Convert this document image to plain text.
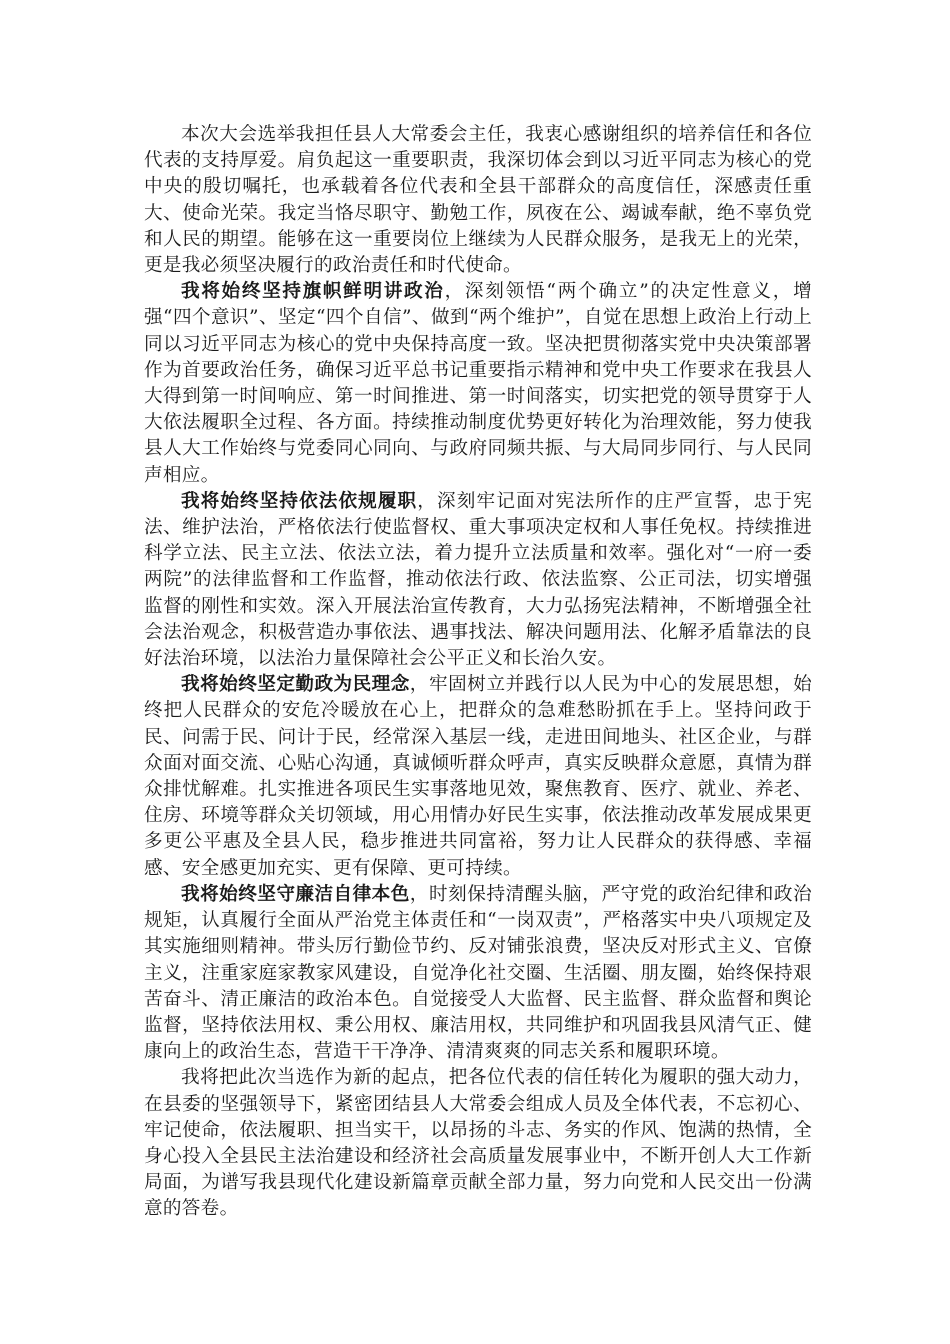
本次大会选举我担任县人大常委会主任，我衷心感谢组织的培养信任和各位代表的支持厚爱。肩负起这一重要职责，我深切体会到以习近平同志为核心的党中央的殷切嘱托，也承载着各位代表和全县干部群众的高度信任，深感责任重大、使命光荣。我定当恪尽职守、勤勉工作，夙夜在公、竭诚奉献，绝不辜负党和人民的期望。能够在这一重要岗位上继续为人民群众服务，是我无上的光荣，更是我必须坚决履行的政治责任和时代使命。

我将始终坚持旗帜鲜明讲政治，深刻领悟“两个确立”的决定性意义，增强“四个意识”、坚定“四个自信”、做到“两个维护”，自觉在思想上政治上行动上同以习近平同志为核心的党中央保持高度一致。坚决把贯彻落实党中央决策部署作为首要政治任务，确保习近平总书记重要指示精神和党中央工作要求在我县人大得到第一时间响应、第一时间推进、第一时间落实，切实把党的领导贯穿于人大依法履职全过程、各方面。持续推动制度优势更好转化为治理效能，努力使我县人大工作始终与党委同心同向、与政府同频共振、与大局同步同行、与人民同声相应。

我将始终坚持依法依规履职，深刻牢记面对宪法所作的庄严宣誓，忠于宪法、维护法治，严格依法行使监督权、重大事项决定权和人事任免权。持续推进科学立法、民主立法、依法立法，着力提升立法质量和效率。强化对“一府一委两院”的法律监督和工作监督，推动依法行政、依法监察、公正司法，切实增强监督的刚性和实效。深入开展法治宣传教育，大力弘扬宪法精神，不断增强全社会法治观念，积极营造办事依法、遇事找法、解决问题用法、化解矛盾靠法的良好法治环境，以法治力量保障社会公平正义和长治久安。

我将始终坚定勤政为民理念，牢固树立并践行以人民为中心的发展思想，始终把人民群众的安危冷暖放在心上，把群众的急难愁盼抓在手上。坚持问政于民、问需于民、问计于民，经常深入基层一线，走进田间地头、社区企业，与群众面对面交流、心贴心沟通，真诚倾听群众呼声，真实反映群众意愿，真情为群众排忧解难。扎实推进各项民生实事落地见效，聚焦教育、医疗、就业、养老、住房、环境等群众关切领域，用心用情办好民生实事，依法推动改革发展成果更多更公平惠及全县人民，稳步推进共同富裕，努力让人民群众的获得感、幸福感、安全感更加充实、更有保障、更可持续。

我将始终坚守廉洁自律本色，时刻保持清醒头脑，严守党的政治纪律和政治规矩，认真履行全面从严治党主体责任和“一岗双责”，严格落实中央八项规定及其实施细则精神。带头厉行勤俭节约、反对铺张浪费，坚决反对形式主义、官僚主义，注重家庭家教家风建设，自觉净化社交圈、生活圈、朋友圈，始终保持艰苦奋斗、清正廉洁的政治本色。自觉接受人大监督、民主监督、群众监督和舆论监督，坚持依法用权、秉公用权、廉洁用权，共同维护和巩固我县风清气正、健康向上的政治生态，营造干干净净、清清爽爽的同志关系和履职环境。

我将把此次当选作为新的起点，把各位代表的信任转化为履职的强大动力，在县委的坚强领导下，紧密团结县人大常委会组成人员及全体代表，不忘初心、牢记使命，依法履职、担当实干，以昂扬的斗志、务实的作风、饱满的热情，全身心投入全县民主法治建设和经济社会高质量发展事业中，不断开创人大工作新局面，为谱写我县现代化建设新篇章贡献全部力量，努力向党和人民交出一份满意的答卷。
